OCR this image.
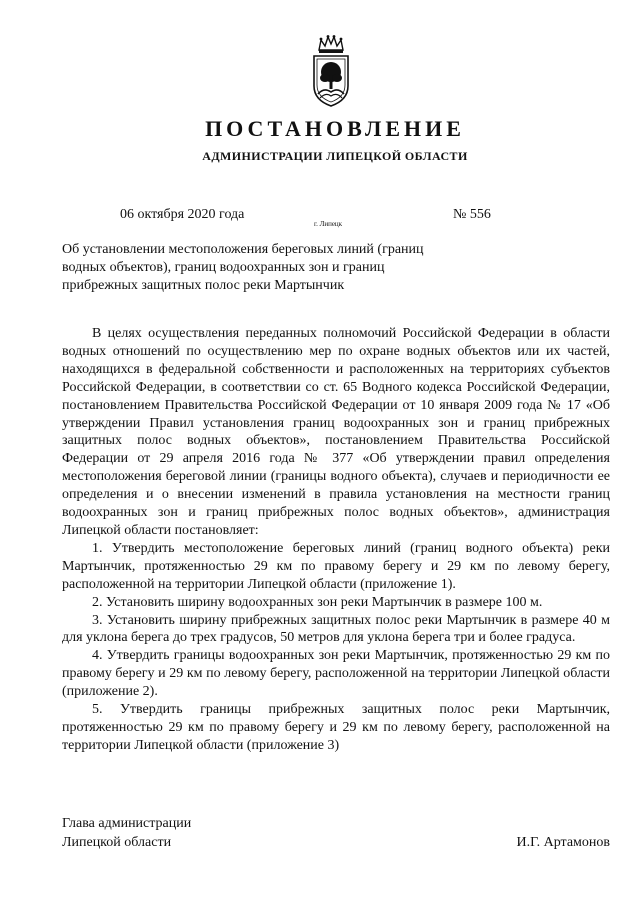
ПОСТАНОВЛЕНИЕ
АДМИНИСТРАЦИИ ЛИПЕЦКОЙ ОБЛАСТИ
06 октября 2020 года
г. Липецк
№ 556
Об установлении местоположения береговых линий (границ водных объектов), границ водоохранных зон и границ прибрежных защитных полос реки Мартынчик

В целях осуществления переданных полномочий Российской Федерации в области водных отношений по осуществлению мер по охране водных объектов или их частей, находящихся в федеральной собственности и расположенных на территориях субъектов Российской Федерации, в соответствии со ст. 65 Водного кодекса Российской Федерации, постановлением Правительства Российской Федерации от 10 января 2009 года № 17 «Об утверждении Правил установления границ водоохранных зон и границ прибрежных защитных полос водных объектов», постановлением Правительства Российской Федерации от 29 апреля 2016 года № 377 «Об утверждении правил определения местоположения береговой линии (границы водного объекта), случаев и периодичности ее определения и о внесении изменений в правила установления на местности границ водоохранных зон и границ прибрежных полос водных объектов», администрация Липецкой области постановляет:

1. Утвердить местоположение береговых линий (границ водного объекта) реки Мартынчик, протяженностью 29 км по правому берегу и 29 км по левому берегу, расположенной на территории Липецкой области (приложение 1).

2. Установить ширину водоохранных зон реки Мартынчик в размере 100 м.

3. Установить ширину прибрежных защитных полос реки Мартынчик в размере 40 м для уклона берега до трех градусов, 50 метров для уклона берега три и более градуса.

4. Утвердить границы водоохранных зон реки Мартынчик, протяженностью 29 км по правому берегу и 29 км по левому берегу, расположенной на территории Липецкой области (приложение 2).

5. Утвердить границы прибрежных защитных полос реки Мартынчик, протяженностью 29 км по правому берегу и 29 км по левому берегу, расположенной на территории Липецкой области (приложение 3)

Глава администрации
Липецкой области	И.Г. Артамонов
